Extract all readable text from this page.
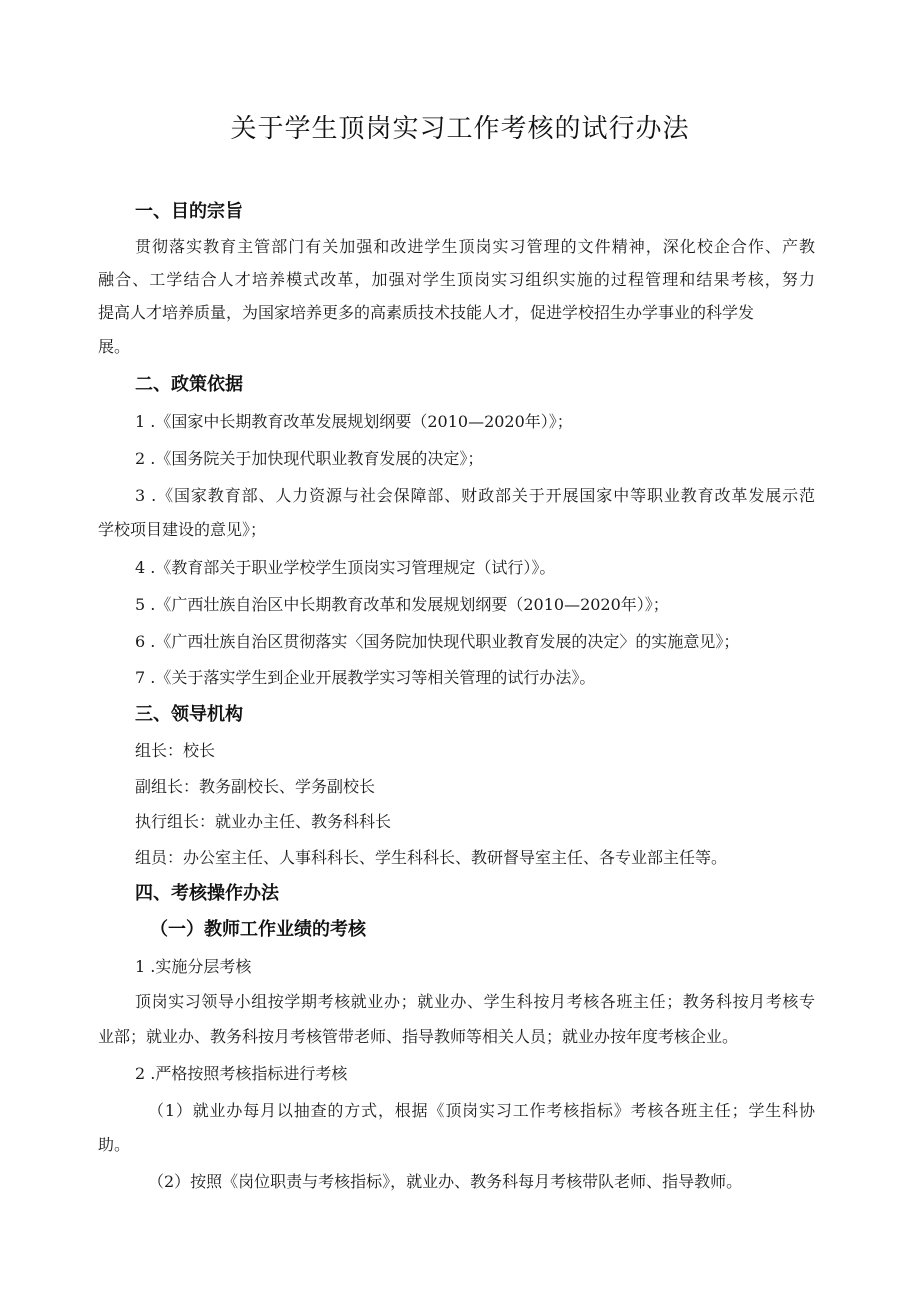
关于学生顶岗实习工作考核的试行办法
一、目的宗旨
贯彻落实教育主管部门有关加强和改进学生顶岗实习管理的文件精神，深化校企合作、产教
融合、工学结合人才培养模式改革，加强对学生顶岗实习组织实施的过程管理和结果考核，努力
提高人才培养质量，为国家培养更多的高素质技术技能人才，促进学校招生办学事业的科学发
展。
二、政策依据
1 .《国家中长期教育改革发展规划纲要（2010—2020年）》；
2 .《国务院关于加快现代职业教育发展的决定》；
3 .《国家教育部、人力资源与社会保障部、财政部关于开展国家中等职业教育改革发展示范
学校项目建设的意见》；
4 .《教育部关于职业学校学生顶岗实习管理规定（试行）》。
5 .《广西壮族自治区中长期教育改革和发展规划纲要（2010—2020年）》；
6 .《广西壮族自治区贯彻落实〈国务院加快现代职业教育发展的决定〉的实施意见》；
7 .《关于落实学生到企业开展教学实习等相关管理的试行办法》。
三、领导机构
组长：校长
副组长：教务副校长、学务副校长
执行组长：就业办主任、教务科科长
组员：办公室主任、人事科科长、学生科科长、教研督导室主任、各专业部主任等。
四、考核操作办法
（一）教师工作业绩的考核
1 .实施分层考核
顶岗实习领导小组按学期考核就业办；就业办、学生科按月考核各班主任；教务科按月考核专
业部；就业办、教务科按月考核管带老师、指导教师等相关人员；就业办按年度考核企业。
2 .严格按照考核指标进行考核
（1）就业办每月以抽查的方式，根据《顶岗实习工作考核指标》考核各班主任；学生科协
助。
（2）按照《岗位职责与考核指标》，就业办、教务科每月考核带队老师、指导教师。
